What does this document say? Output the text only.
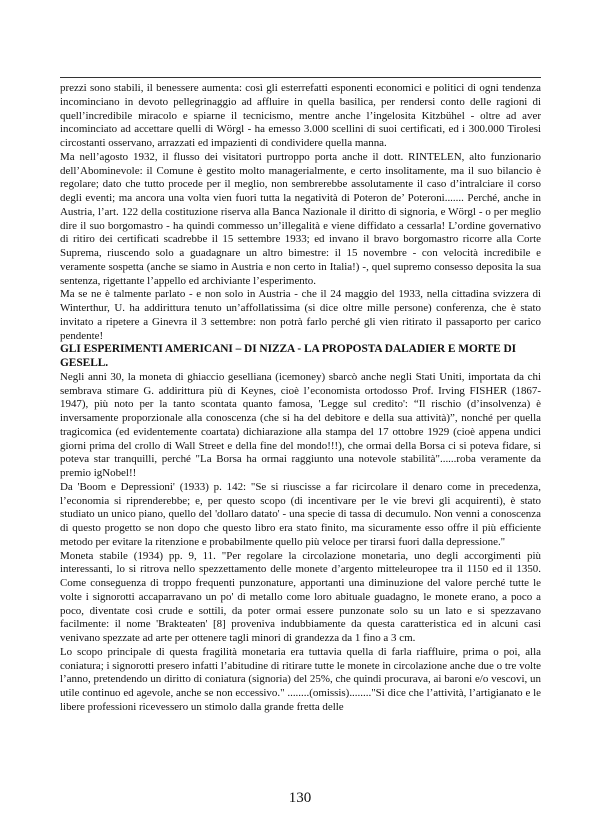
prezzi sono stabili, il benessere aumenta: così gli esterrefatti esponenti economici e politici di ogni tendenza incominciano in devoto pellegrinaggio ad affluire in quella basilica, per rendersi conto delle ragioni di quell’incredibile miracolo e spiarne il tecnicismo, mentre anche l’ingelosita Kitzbühel - oltre ad aver incominciato ad accettare quelli di Wörgl - ha emesso 3.000 scellini di suoi certificati, ed i 300.000 Tirolesi circostanti osservano, arrazzati ed impazienti di condividere quella manna.

Ma nell’agosto 1932, il flusso dei visitatori purtroppo porta anche il dott. RINTELEN, alto funzionario dell’Abominevole: il Comune è gestito molto managerialmente, e certo insolitamente, ma il suo bilancio è regolare; dato che tutto procede per il meglio, non sembrerebbe assolutamente il caso d’intralciare il corso degli eventi; ma ancora una volta vien fuori tutta la negatività di Poteron de’ Poteroni....... Perché, anche in Austria, l’art. 122 della costituzione riserva alla Banca Nazionale il diritto di signoria, e Wörgl - o per meglio dire il suo borgomastro - ha quindi commesso un’illegalità e viene diffidato a cessarla! L’ordine governativo di ritiro dei certificati scadrebbe il 15 settembre 1933; ed invano il bravo borgomastro ricorre alla Corte Suprema, riuscendo solo a guadagnare un altro bimestre: il 15 novembre - con velocità incredibile e veramente sospetta (anche se siamo in Austria e non certo in Italia!) -, quel supremo consesso deposita la sua sentenza, rigettante l’appello ed archiviante l’esperimento.

Ma se ne è talmente parlato - e non solo in Austria - che il 24 maggio del 1933, nella cittadina svizzera di Winterthur, U. ha addirittura tenuto un’affollatissima (si dice oltre mille persone) conferenza, che è stato invitato a ripetere a Ginevra il 3 settembre: non potrà farlo perché gli vien ritirato il passaporto per carico pendente!

GLI ESPERIMENTI AMERICANI – DI NIZZA - LA PROPOSTA DALADIER E MORTE DI GESELL.

Negli anni 30, la moneta di ghiaccio geselliana (icemoney) sbarcò anche negli Stati Uniti, importata da chi sembrava stimare G. addirittura più di Keynes, cioè l’economista ortodosso Prof. Irving FISHER (1867-1947), più noto per la tanto scontata quanto famosa, 'Legge sul credito': “Il rischio (d’insolvenza) è inversamente proporzionale alla conoscenza (che si ha del debitore e della sua attività)”, nonché per quella tragicomica (ed evidentemente coartata) dichiarazione alla stampa del 17 ottobre 1929 (cioè appena undici giorni prima del crollo di Wall Street e della fine del mondo!!!), che ormai della Borsa ci si poteva fidare, si poteva star tranquilli, perché "La Borsa ha ormai raggiunto una notevole stabilità"......roba veramente da premio igNobel!!

Da 'Boom e Depressioni' (1933) p. 142: "Se si riuscisse a far ricircolare il denaro come in precedenza, l’economia si riprenderebbe; e, per questo scopo (di incentivare per le vie brevi gli acquirenti), è stato studiato un unico piano, quello del 'dollaro datato' - una specie di tassa di decumulo. Non venni a conoscenza di questo progetto se non dopo che questo libro era stato finito, ma sicuramente esso offre il più efficiente metodo per evitare la ritenzione e probabilmente quello più veloce per tirarsi fuori dalla depressione."

Moneta stabile (1934) pp. 9, 11. "Per regolare la circolazione monetaria, uno degli accorgimenti più interessanti, lo si ritrova nello spezzettamento delle monete d’argento mitteleuropee tra il 1150 ed il 1350. Come conseguenza di troppo frequenti punzonature, apportanti una diminuzione del valore perché tutte le volte i signorotti accaparravano un po' di metallo come loro abituale guadagno, le monete erano, a poco a poco, diventate così crude e sottili, da poter ormai essere punzonate solo su un lato e si spezzavano facilmente: il nome 'Brakteaten' [8] proveniva indubbiamente da questa caratteristica ed in alcuni casi venivano spezzate ad arte per ottenere tagli minori di grandezza da 1 fino a 3 cm.

Lo scopo principale di questa fragilità monetaria era tuttavia quella di farla riaffluire, prima o poi, alla coniatura; i signorotti presero infatti l’abitudine di ritirare tutte le monete in circolazione anche due o tre volte l’anno, pretendendo un diritto di coniatura (signoria) del 25%, che quindi procurava, ai baroni e/o vescovi, un utile continuo ed agevole, anche se non eccessivo." ........(omissis)........"Si dice che l’attività, l’artigianato e le libere professioni ricevessero un stimolo dalla grande fretta delle

130
